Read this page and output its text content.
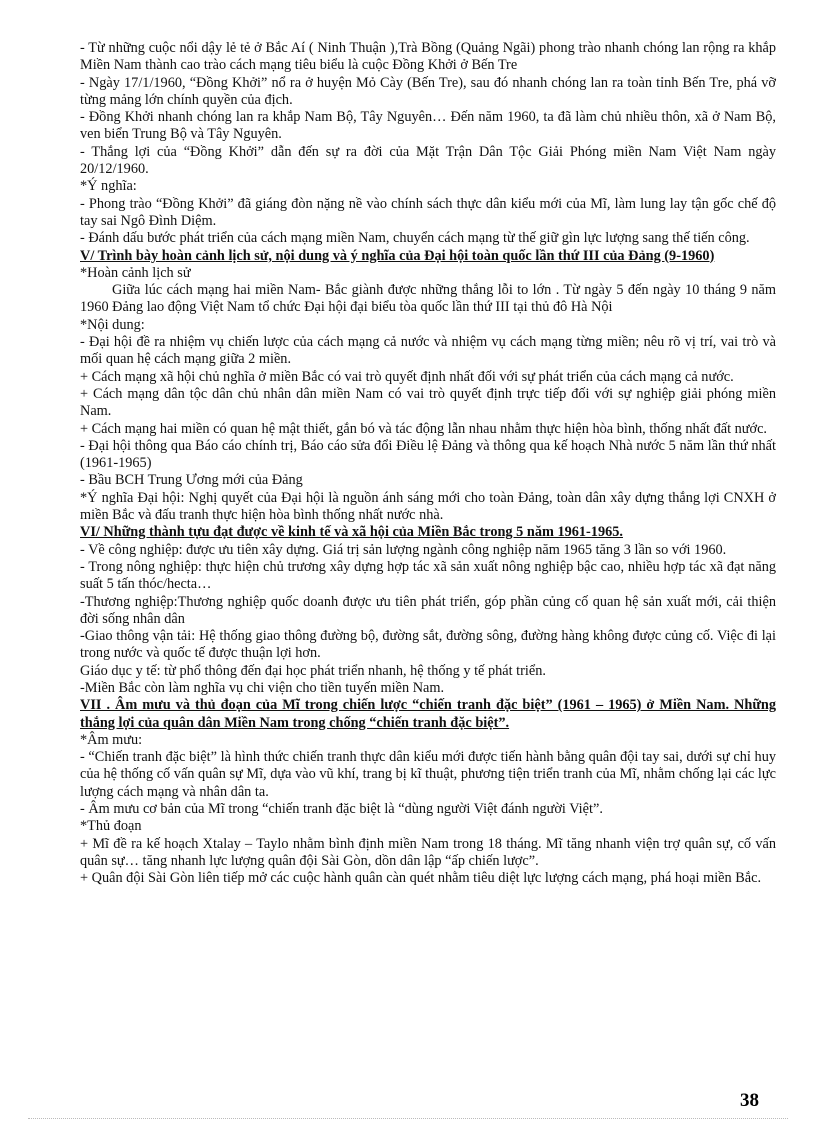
- Từ những cuộc nổi dậy lẻ tẻ ở Bắc Aí ( Ninh Thuận ),Trà Bồng (Quảng Ngãi) phong trào nhanh chóng lan rộng ra khắp Miền Nam thành cao trào cách mạng tiêu biểu là cuộc Đồng Khởi ở Bến Tre

- Ngày 17/1/1960, “Đồng Khởi” nổ ra ở huyện Mỏ Cày (Bến Tre), sau đó nhanh chóng lan ra toàn tỉnh Bến Tre, phá vỡ từng mảng lớn chính quyền của địch.

- Đồng Khởi nhanh chóng lan ra khắp Nam Bộ, Tây Nguyên… Đến năm 1960, ta đã làm chủ nhiều thôn, xã ở Nam Bộ, ven biển Trung Bộ và Tây Nguyên.

- Thắng lợi của “Đồng Khởi” dẫn đến sự ra đời của Mặt Trận Dân Tộc Giải Phóng miền Nam Việt Nam ngày 20/12/1960.

*Ý nghĩa:

- Phong trào “Đồng Khởi” đã giáng đòn nặng nề vào chính sách thực dân kiểu mới của Mĩ, làm lung lay tận gốc chế độ tay sai Ngô Đình Diệm.

- Đánh dấu bước phát triển của cách mạng miền Nam, chuyển cách mạng từ thế giữ gìn lực lượng sang thế tiến công.

V/ Trình bày hoàn cảnh lịch sử, nội dung và ý nghĩa của Đại hội toàn quốc lần thứ III của Đảng (9-1960)

*Hoàn cảnh lịch sử

Giữa lúc cách mạng hai miền Nam- Bắc giành được những thắng lỗi to lớn . Từ ngày 5 đến ngày 10 tháng 9 năm 1960 Đảng lao động Việt Nam tổ chức Đại hội đại biểu tòa quốc lần thứ III tại thủ đô Hà Nội

*Nội dung:

- Đại hội đề ra nhiệm vụ chiến lược của cách mạng cả nước và nhiệm vụ cách mạng từng miền; nêu rõ vị trí, vai trò và mối quan hệ cách mạng giữa 2 miền.

+ Cách mạng xã hội chủ nghĩa ở miền Bắc có vai trò quyết định nhất đối với sự phát triển của cách mạng cả nước.

+ Cách mạng dân tộc dân chủ nhân dân miền Nam có vai trò quyết định trực tiếp đối với sự nghiệp giải phóng miền Nam.

+ Cách mạng hai miền có quan hệ mật thiết, gắn bó và tác động lẫn nhau nhằm thực hiện hòa bình, thống nhất đất nước.

- Đại hội thông qua Báo cáo chính trị, Báo cáo sửa đổi Điều lệ Đảng và thông qua kế hoạch Nhà nước 5 năm lần thứ nhất (1961-1965)

- Bầu BCH Trung Ương mới của Đảng

*Ý nghĩa Đại hội: Nghị quyết của Đại hội là nguồn ánh sáng mới cho toàn Đảng, toàn dân xây dựng thắng lợi CNXH ở miền Bắc và đấu tranh thực hiện hòa bình thống nhất nước nhà.

VI/ Những thành tựu đạt được về kinh tế và xã hội của Miền Bắc trong 5 năm 1961-1965.

- Về công nghiệp: được ưu tiên xây dựng. Giá trị sản lượng ngành công nghiệp năm 1965 tăng 3 lần so với 1960.

- Trong nông nghiệp: thực hiện chủ trương xây dựng hợp tác xã sản xuất nông nghiệp bậc cao, nhiều hợp tác xã đạt năng suất 5 tấn thóc/hecta…

-Thương nghiệp:Thương nghiệp quốc doanh được ưu tiên phát triển, góp phần củng cố quan hệ sản xuất mới, cải thiện đời sống nhân dân

-Giao thông vận tải: Hệ thống giao thông đường bộ, đường sắt, đường sông, đường hàng không được củng cố. Việc đi lại trong nước và quốc tế được thuận lợi hơn.

Giáo dục y tế: từ phổ thông đến đại học phát triển nhanh, hệ thống y tế phát triển.

-Miền Bắc còn làm nghĩa vụ chi viện cho tiền tuyến miền Nam.

VII . Âm mưu và thủ đoạn của Mĩ trong chiến lược “chiến tranh đặc biệt” (1961 – 1965) ở Miền Nam. Những thắng lợi của quân dân Miền Nam trong chống “chiến tranh đặc biệt”.

*Âm mưu:

- “Chiến tranh đặc biệt” là hình thức chiến tranh thực dân kiểu mới được tiến hành bằng quân đội tay sai, dưới sự chỉ huy của hệ thống cố vấn quân sự Mĩ, dựa vào vũ khí, trang bị kĩ thuật, phương tiện triển tranh của Mĩ, nhằm chống lại các lực lượng cách mạng và nhân dân ta.

- Âm mưu cơ bản của Mĩ trong “chiến tranh đặc biệt là “dùng người Việt đánh người Việt”.

*Thủ đoạn

+ Mĩ đề ra kế hoạch Xtalay – Taylo nhằm bình định miền Nam trong 18 tháng. Mĩ tăng nhanh viện trợ quân sự, cố vấn quân sự… tăng nhanh lực lượng quân đội Sài Gòn, dồn dân lập “ấp chiến lược”.

+ Quân đội Sài Gòn liên tiếp mở các cuộc hành quân càn quét nhằm tiêu diệt lực lượng cách mạng, phá hoại miền Bắc.

38
